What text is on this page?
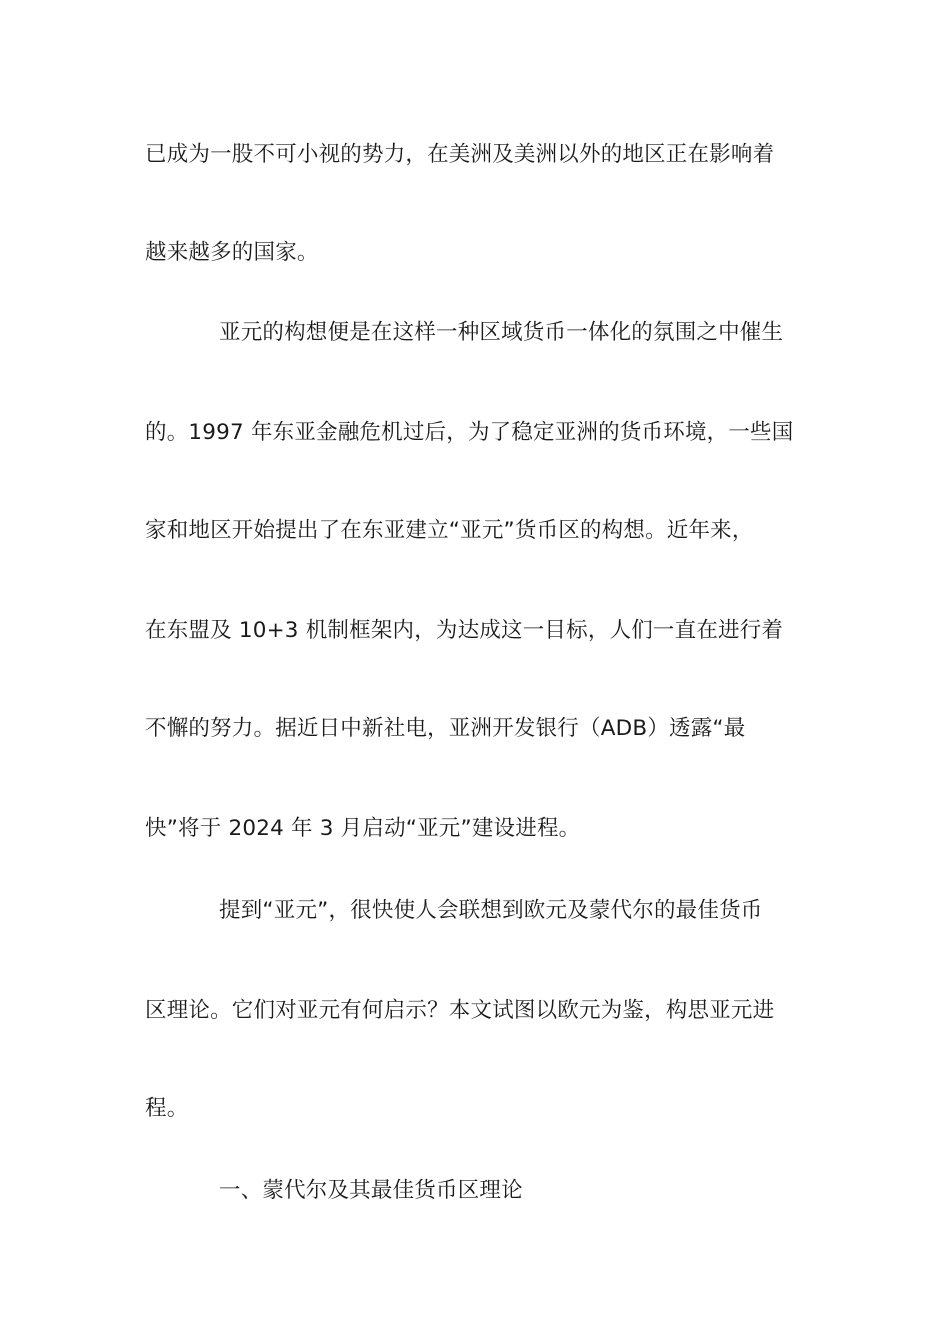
已成为一股不可小视的势力，在美洲及美洲以外的地区正在影响着
越来越多的国家。
亚元的构想便是在这样一种区域货币一体化的氛围之中催生
的。1997 年东亚金融危机过后，为了稳定亚洲的货币环境，一些国
家和地区开始提出了在东亚建立“亚元”货币区的构想。近年来，
在东盟及 10+3 机制框架内，为达成这一目标，人们一直在进行着
不懈的努力。据近日中新社电，亚洲开发银行（ADB）透露“最
快”将于 2024 年 3 月启动“亚元”建设进程。
提到“亚元”，很快使人会联想到欧元及蒙代尔的最佳货币
区理论。它们对亚元有何启示？本文试图以欧元为鉴，构思亚元进
程。
一、蒙代尔及其最佳货币区理论
